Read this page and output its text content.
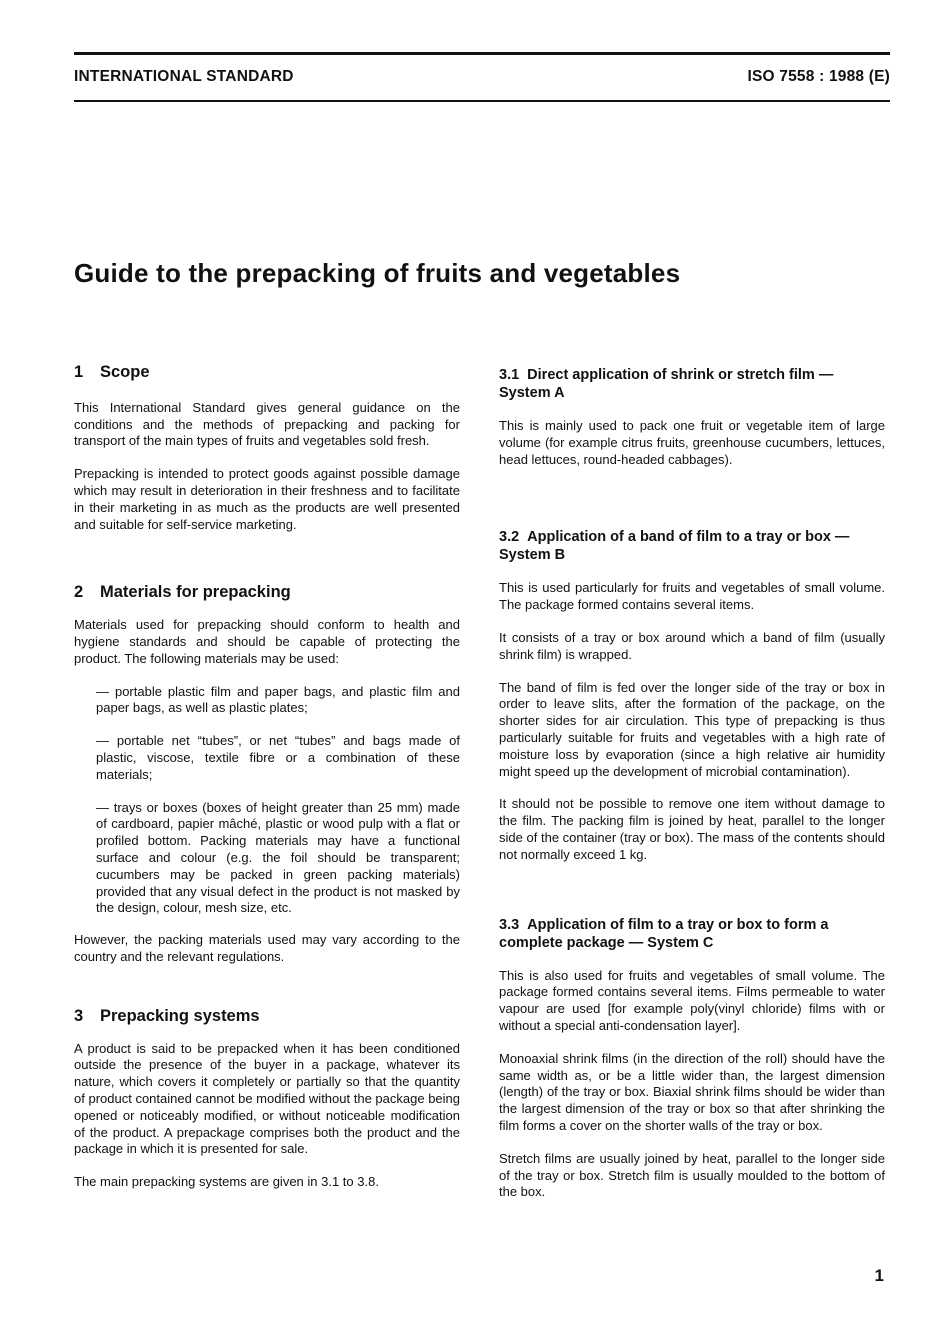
INTERNATIONAL STANDARD	ISO 7558 : 1988 (E)
Guide to the prepacking of fruits and vegetables
1 Scope

This International Standard gives general guidance on the conditions and the methods of prepacking and packing for transport of the main types of fruits and vegetables sold fresh.

Prepacking is intended to protect goods against possible damage which may result in deterioration in their freshness and to facilitate in their marketing in as much as the products are well presented and suitable for self-service marketing.

2 Materials for prepacking

Materials used for prepacking should conform to health and hygiene standards and should be capable of protecting the product. The following materials may be used:

— portable plastic film and paper bags, and plastic film and paper bags, as well as plastic plates;

— portable net “tubes”, or net “tubes” and bags made of plastic, viscose, textile fibre or a combination of these materials;

— trays or boxes (boxes of height greater than 25 mm) made of cardboard, papier mâché, plastic or wood pulp with a flat or profiled bottom. Packing materials may have a functional surface and colour (e.g. the foil should be transparent; cucumbers may be packed in green packing materials) provided that any visual defect in the product is not masked by the design, colour, mesh size, etc.

However, the packing materials used may vary according to the country and the relevant regulations.

3 Prepacking systems

A product is said to be prepacked when it has been conditioned outside the presence of the buyer in a package, whatever its nature, which covers it completely or partially so that the quantity of product contained cannot be modified without the package being opened or noticeably modified, or without noticeable modification of the product. A prepackage comprises both the product and the package in which it is presented for sale.

The main prepacking systems are given in 3.1 to 3.8.

3.1 Direct application of shrink or stretch film — System A

This is mainly used to pack one fruit or vegetable item of large volume (for example citrus fruits, greenhouse cucumbers, lettuces, head lettuces, round-headed cabbages).

3.2 Application of a band of film to a tray or box — System B

This is used particularly for fruits and vegetables of small volume. The package formed contains several items.

It consists of a tray or box around which a band of film (usually shrink film) is wrapped.

The band of film is fed over the longer side of the tray or box in order to leave slits, after the formation of the package, on the shorter sides for air circulation. This type of prepacking is thus particularly suitable for fruits and vegetables with a high rate of moisture loss by evaporation (since a high relative air humidity might speed up the development of microbial contamination).

It should not be possible to remove one item without damage to the film. The packing film is joined by heat, parallel to the longer side of the container (tray or box). The mass of the contents should not normally exceed 1 kg.

3.3 Application of film to a tray or box to form a complete package — System C

This is also used for fruits and vegetables of small volume. The package formed contains several items. Films permeable to water vapour are used [for example poly(vinyl chloride) films with or without a special anti-condensation layer].

Monoaxial shrink films (in the direction of the roll) should have the same width as, or be a little wider than, the largest dimension (length) of the tray or box. Biaxial shrink films should be wider than the largest dimension of the tray or box so that after shrinking the film forms a cover on the shorter walls of the tray or box.

Stretch films are usually joined by heat, parallel to the longer side of the tray or box. Stretch film is usually moulded to the bottom of the box.

1
